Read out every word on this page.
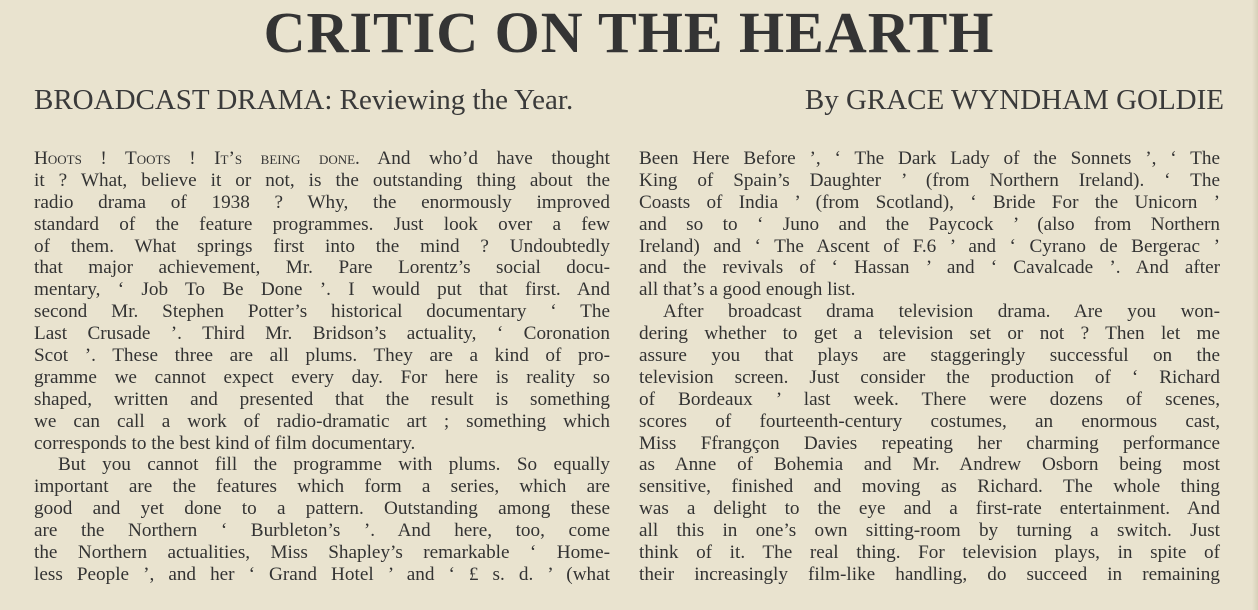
CRITIC ON THE HEARTH
BROADCAST DRAMA: Reviewing the Year.	By GRACE WYNDHAM GOLDIE
Hoots ! Toots ! It’s being done. And who’d have thought
it ? What, believe it or not, is the outstanding thing about the
radio drama of 1938 ? Why, the enormously improved
standard of the feature programmes. Just look over a few
of them. What springs first into the mind ? Undoubtedly
that major achievement, Mr. Pare Lorentz’s social docu-
mentary, ‘ Job To Be Done ’. I would put that first. And
second Mr. Stephen Potter’s historical documentary ‘ The
Last Crusade ’. Third Mr. Bridson’s actuality, ‘ Coronation
Scot ’. These three are all plums. They are a kind of pro-
gramme we cannot expect every day. For here is reality so
shaped, written and presented that the result is something
we can call a work of radio-dramatic art ; something which
corresponds to the best kind of film documentary.
But you cannot fill the programme with plums. So equally
important are the features which form a series, which are
good and yet done to a pattern. Outstanding among these
are the Northern ‘ Burbleton’s ’. And here, too, come
the Northern actualities, Miss Shapley’s remarkable ‘ Home-
less People ’, and her ‘ Grand Hotel ’ and ‘ £ s. d. ’ (what
Been Here Before ’, ‘ The Dark Lady of the Sonnets ’, ‘ The
King of Spain’s Daughter ’ (from Northern Ireland). ‘ The
Coasts of India ’ (from Scotland), ‘ Bride For the Unicorn ’
and so to ‘ Juno and the Paycock ’ (also from Northern
Ireland) and ‘ The Ascent of F.6 ’ and ‘ Cyrano de Bergerac ’
and the revivals of ‘ Hassan ’ and ‘ Cavalcade ’. And after
all that’s a good enough list.
After broadcast drama television drama. Are you won-
dering whether to get a television set or not ? Then let me
assure you that plays are staggeringly successful on the
television screen. Just consider the production of ‘ Richard
of Bordeaux ’ last week. There were dozens of scenes,
scores of fourteenth-century costumes, an enormous cast,
Miss Ffrangçon Davies repeating her charming performance
as Anne of Bohemia and Mr. Andrew Osborn being most
sensitive, finished and moving as Richard. The whole thing
was a delight to the eye and a first-rate entertainment. And
all this in one’s own sitting-room by turning a switch. Just
think of it. The real thing. For television plays, in spite of
their increasingly film-like handling, do succeed in remaining
